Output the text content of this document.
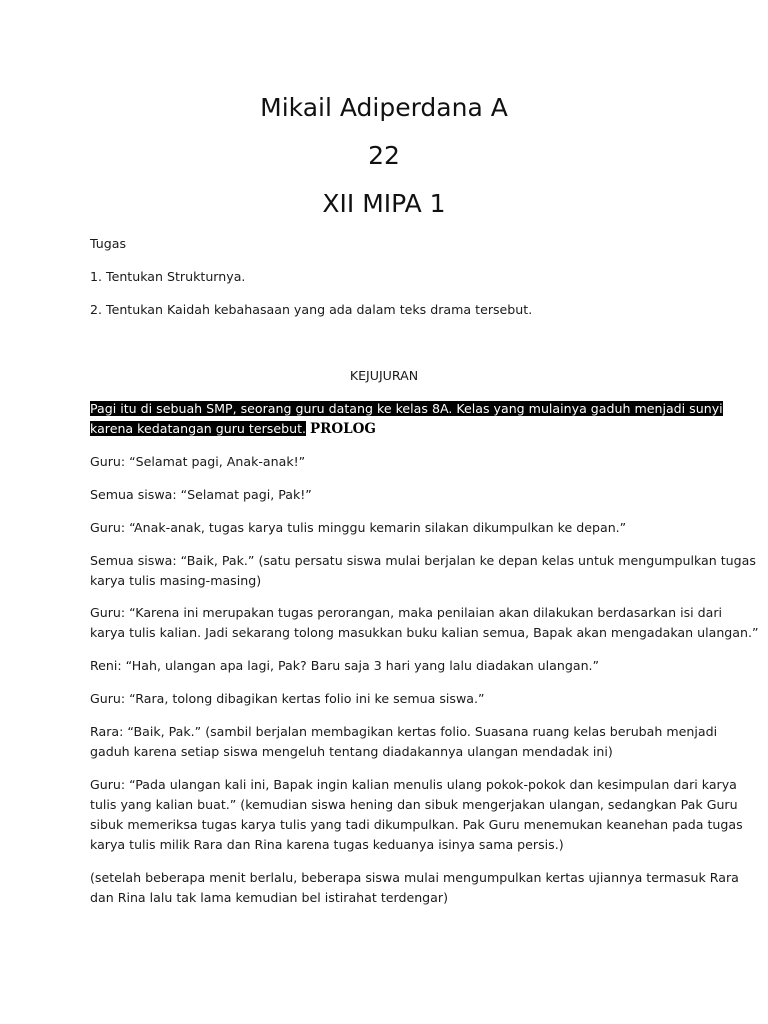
Mikail Adiperdana A
22
XII MIPA 1
Tugas
1. Tentukan Strukturnya.
2. Tentukan Kaidah kebahasaan yang ada dalam teks drama tersebut.
KEJUJURAN
Pagi itu di sebuah SMP, seorang guru datang ke kelas 8A. Kelas yang mulainya gaduh menjadi sunyi
karena kedatangan guru tersebut. PROLOG
Guru: “Selamat pagi, Anak-anak!”
Semua siswa: “Selamat pagi, Pak!”
Guru: “Anak-anak, tugas karya tulis minggu kemarin silakan dikumpulkan ke depan.”
Semua siswa: “Baik, Pak.” (satu persatu siswa mulai berjalan ke depan kelas untuk mengumpulkan tugas
karya tulis masing-masing)
Guru: “Karena ini merupakan tugas perorangan, maka penilaian akan dilakukan berdasarkan isi dari
karya tulis kalian. Jadi sekarang tolong masukkan buku kalian semua, Bapak akan mengadakan ulangan.”
Reni: “Hah, ulangan apa lagi, Pak? Baru saja 3 hari yang lalu diadakan ulangan.”
Guru: “Rara, tolong dibagikan kertas folio ini ke semua siswa.”
Rara: “Baik, Pak.” (sambil berjalan membagikan kertas folio. Suasana ruang kelas berubah menjadi
gaduh karena setiap siswa mengeluh tentang diadakannya ulangan mendadak ini)
Guru: “Pada ulangan kali ini, Bapak ingin kalian menulis ulang pokok-pokok dan kesimpulan dari karya
tulis yang kalian buat.” (kemudian siswa hening dan sibuk mengerjakan ulangan, sedangkan Pak Guru
sibuk memeriksa tugas karya tulis yang tadi dikumpulkan. Pak Guru menemukan keanehan pada tugas
karya tulis milik Rara dan Rina karena tugas keduanya isinya sama persis.)
(setelah beberapa menit berlalu, beberapa siswa mulai mengumpulkan kertas ujiannya termasuk Rara
dan Rina lalu tak lama kemudian bel istirahat terdengar)
